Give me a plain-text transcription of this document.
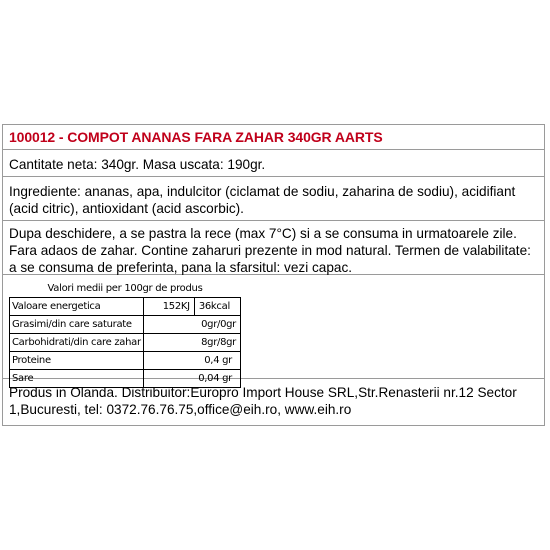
100012 - COMPOT ANANAS FARA ZAHAR 340GR AARTS
Cantitate neta: 340gr. Masa uscata: 190gr.
Ingrediente: ananas, apa, indulcitor (ciclamat de sodiu, zaharina de sodiu), acidifiant (acid citric), antioxidant (acid ascorbic).
Dupa deschidere, a se pastra la rece (max 7°C) si a se consuma in urmatoarele zile. Fara adaos de zahar. Contine zaharuri prezente in mod natural. Termen de valabilitate: a se consuma de preferinta, pana la sfarsitul: vezi capac.
Valori medii per 100gr de produs		
Valoare energetica	152KJ	36kcal
Grasimi/din care saturate	0gr/0gr	
Carbohidrati/din care zahar	8gr/8gr	
Proteine	0,4 gr	
Sare	0,04 gr	
Produs in Olanda. Distribuitor:Europro Import House SRL,Str.Renasterii nr.12 Sector 1,Bucuresti, tel: 0372.76.76.75,office@eih.ro, www.eih.ro
